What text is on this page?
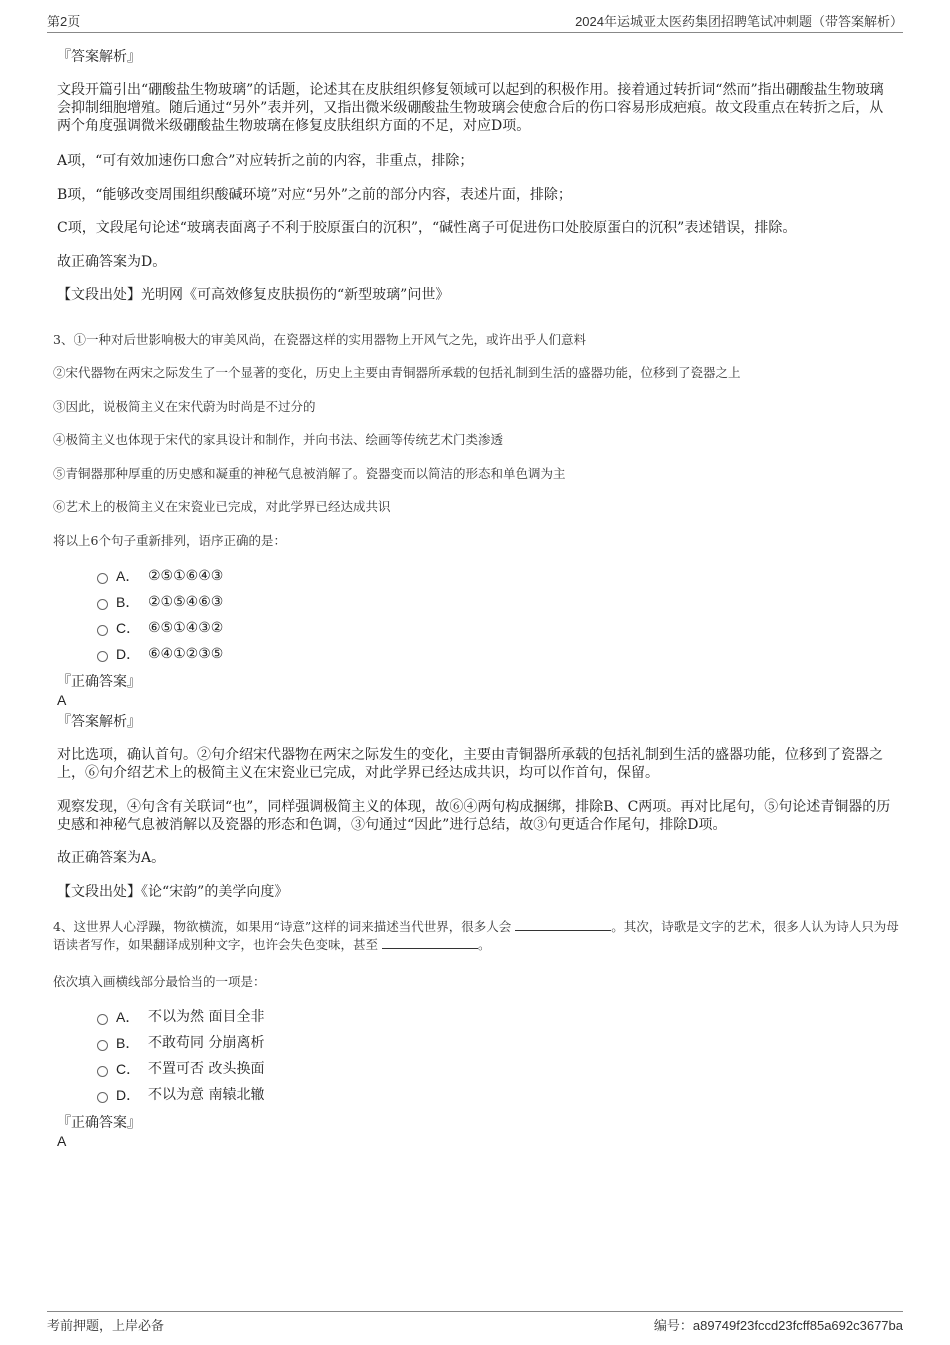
第2页	2024年运城亚太医药集团招聘笔试冲刺题（带答案解析）
『答案解析』
文段开篇引出“硼酸盐生物玻璃”的话题，论述其在皮肤组织修复领域可以起到的积极作用。接着通过转折词“然而”指出硼酸盐生物玻璃会抑制细胞增殖。随后通过“另外”表并列，又指出微米级硼酸盐生物玻璃会使愈合后的伤口容易形成疤痕。故文段重点在转折之后，从两个角度强调微米级硼酸盐生物玻璃在修复皮肤组织方面的不足，对应D项。
A项，“可有效加速伤口愈合”对应转折之前的内容，非重点，排除；
B项，“能够改变周围组织酸碱环境”对应“另外”之前的部分内容，表述片面，排除；
C项，文段尾句论述“玻璃表面离子不利于胶原蛋白的沉积”，“碱性离子可促进伤口处胶原蛋白的沉积”表述错误，排除。
故正确答案为D。
【文段出处】光明网《可高效修复皮肤损伤的“新型玻璃”问世》
3、①一种对后世影响极大的审美风尚，在瓷器这样的实用器物上开风气之先，或许出乎人们意料
②宋代器物在两宋之际发生了一个显著的变化，历史上主要由青铜器所承载的包括礼制到生活的盛器功能，位移到了瓷器之上
③因此，说极简主义在宋代蔚为时尚是不过分的
④极简主义也体现于宋代的家具设计和制作，并向书法、绘画等传统艺术门类渗透
⑤青铜器那种厚重的历史感和凝重的神秘气息被消解了。瓷器变而以简洁的形态和单色调为主
⑥艺术上的极简主义在宋瓷业已完成，对此学界已经达成共识
将以上6个句子重新排列，语序正确的是：
A． ②⑤①⑥④③
B． ②①⑤④⑥③
C． ⑥⑤①④③②
D． ⑥④①②③⑤
『正确答案』
A
『答案解析』
对比选项，确认首句。②句介绍宋代器物在两宋之际发生的变化，主要由青铜器所承载的包括礼制到生活的盛器功能，位移到了瓷器之上，⑥句介绍艺术上的极简主义在宋瓷业已完成，对此学界已经达成共识，均可以作首句，保留。
观察发现，④句含有关联词“也”，同样强调极简主义的体现，故⑥④两句构成捆绑，排除B、C两项。再对比尾句，⑤句论述青铜器的历史感和神秘气息被消解以及瓷器的形态和色调，③句通过“因此”进行总结，故③句更适合作尾句，排除D项。
故正确答案为A。
【文段出处】《论“宋韵”的美学向度》
4、这世界人心浮躁，物欲横流，如果用“诗意”这样的词来描述当代世界，很多人会	。其次，诗歌是文字的艺术，很多人认为诗人只为母语读者写作，如果翻译成别种文字，也许会失色变味，甚至	。
依次填入画横线部分最恰当的一项是：
A． 不以为然 面目全非
B． 不敢苟同 分崩离析
C． 不置可否 改头换面
D． 不以为意 南辕北辙
『正确答案』
A
考前押题，上岸必备	编号：a89749f23fccd23fcff85a692c3677ba
